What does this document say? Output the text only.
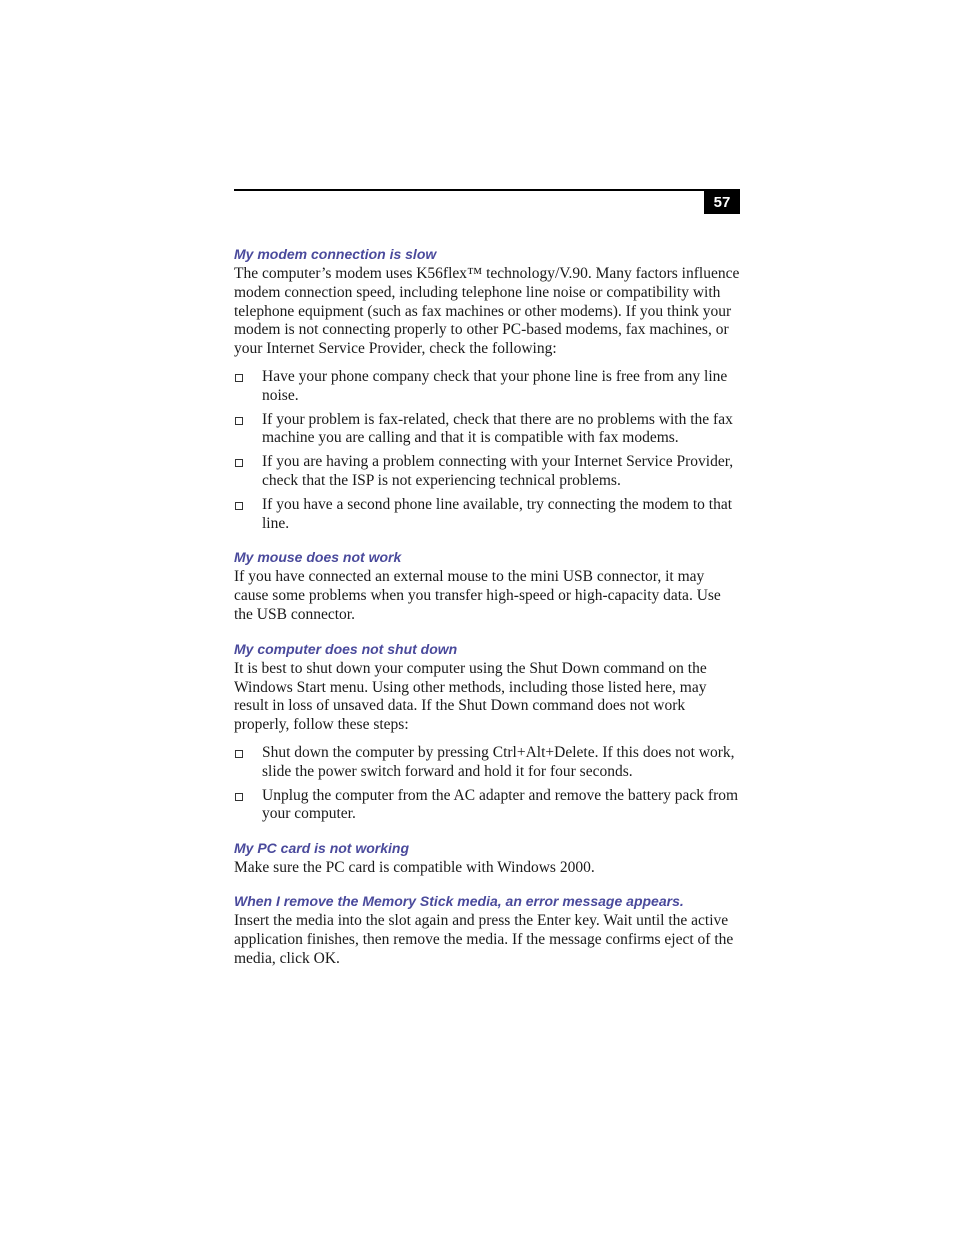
57
My modem connection is slow

The computer’s modem uses K56flex™ technology/V.90. Many factors influence modem connection speed, including telephone line noise or compatibility with telephone equipment (such as fax machines or other modems). If you think your modem is not connecting properly to other PC-based modems, fax machines, or your Internet Service Provider, check the following:

Have your phone company check that your phone line is free from any line noise.
If your problem is fax-related, check that there are no problems with the fax machine you are calling and that it is compatible with fax modems.
If you are having a problem connecting with your Internet Service Provider, check that the ISP is not experiencing technical problems.
If you have a second phone line available, try connecting the modem to that line.
My mouse does not work

If you have connected an external mouse to the mini USB connector, it may cause some problems when you transfer high-speed or high-capacity data. Use the USB connector.

My computer does not shut down

It is best to shut down your computer using the Shut Down command on the Windows Start menu. Using other methods, including those listed here, may result in loss of unsaved data. If the Shut Down command does not work properly, follow these steps:

Shut down the computer by pressing Ctrl+Alt+Delete. If this does not work, slide the power switch forward and hold it for four seconds.
Unplug the computer from the AC adapter and remove the battery pack from your computer.
My PC card is not working

Make sure the PC card is compatible with Windows 2000.

When I remove the Memory Stick media, an error message appears.

Insert the media into the slot again and press the Enter key. Wait until the active application finishes, then remove the media. If the message confirms eject of the media, click OK.
